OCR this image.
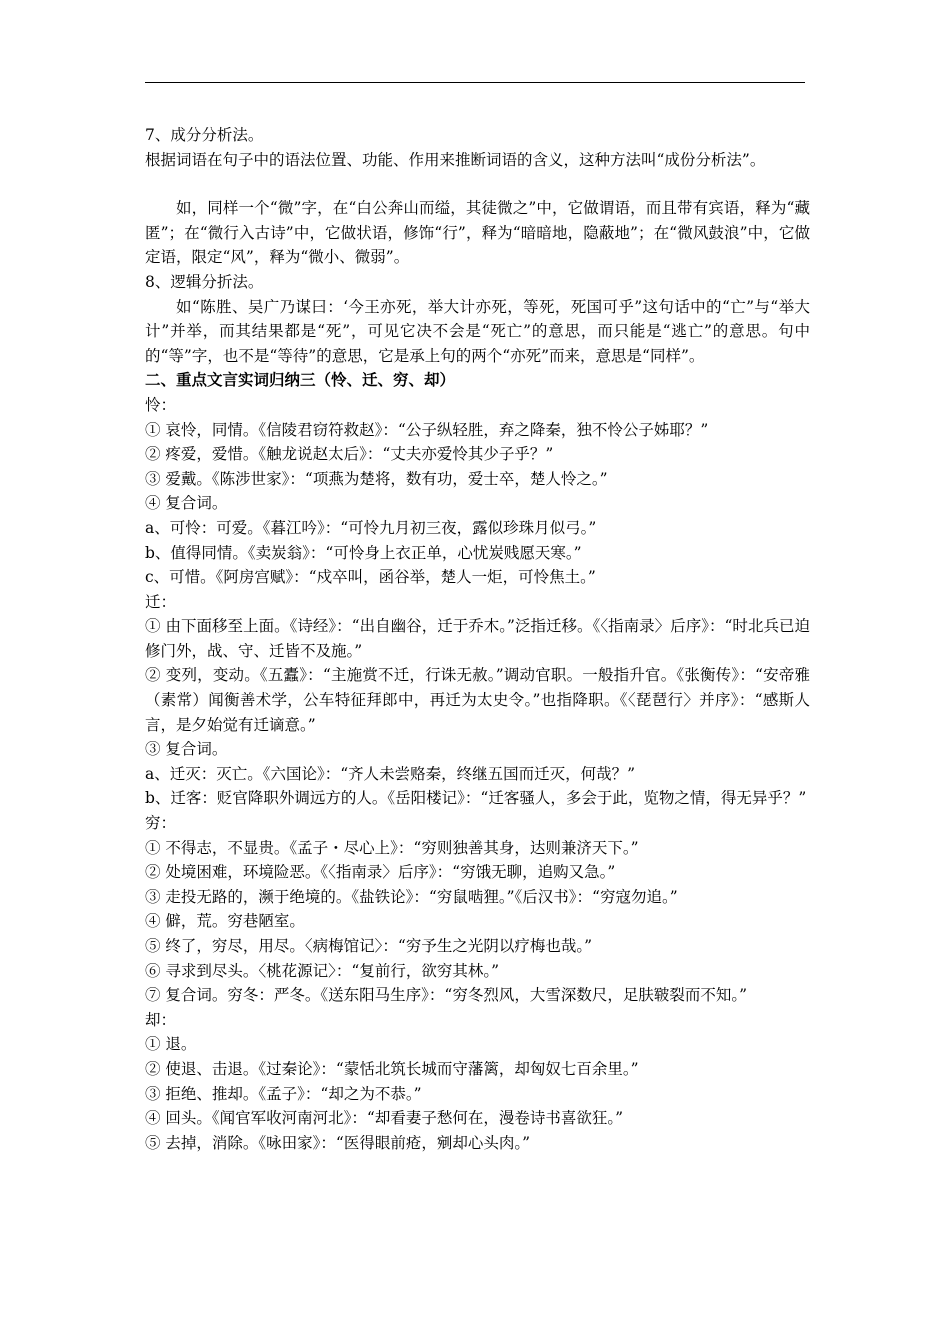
7、成分分析法。
根据词语在句子中的语法位置、功能、作用来推断词语的含义，这种方法叫“成份分析法”。
如，同样一个“微”字，在“白公奔山而缢，其徒微之”中，它做谓语，而且带有宾语，释为“藏匿”；在“微行入古诗”中，它做状语，修饰“行”，释为“暗暗地，隐蔽地”；在“微风鼓浪”中，它做定语，限定“风”，释为“微小、微弱”。
8、逻辑分折法。
如“陈胜、吴广乃谋曰：‘今王亦死，举大计亦死，等死，死国可乎”这句话中的“亡”与“举大计”并举，而其结果都是“死”，可见它决不会是“死亡”的意思，而只能是“逃亡”的意思。句中的“等”字，也不是“等待”的意思，它是承上句的两个“亦死”而来，意思是“同样”。
二、重点文言实词归纳三（怜、迁、穷、却）
怜：
① 哀怜，同情。《信陵君窃符救赵》：“公子纵轻胜，弃之降秦，独不怜公子姊耶？”
② 疼爱，爱惜。《触龙说赵太后》：“丈夫亦爱怜其少子乎？”
③ 爱戴。《陈涉世家》：“项燕为楚将，数有功，爱士卒，楚人怜之。”
④ 复合词。
a、可怜：可爱。《暮江吟》：“可怜九月初三夜，露似珍珠月似弓。”
b、值得同情。《卖炭翁》：“可怜身上衣正单，心忧炭贱愿天寒。”
c、可惜。《阿房宫赋》：“戍卒叫，函谷举，楚人一炬，可怜焦土。”
迁：
① 由下面移至上面。《诗经》：“出自幽谷，迁于乔木。”泛指迁移。《〈指南录〉后序》：“时北兵已迫修门外，战、守、迁皆不及施。”
② 变列，变动。《五蠹》：“主施赏不迁，行诛无赦。”调动官职。一般指升官。《张衡传》：“安帝雅（素常）闻衡善术学，公车特征拜郎中，再迁为太史令。”也指降职。《〈琵琶行〉并序》：“感斯人言，是夕始觉有迁谪意。”
③ 复合词。
a、迁灭：灭亡。《六国论》：“齐人未尝赂秦，终继五国而迁灭，何哉？”
b、迁客：贬官降职外调远方的人。《岳阳楼记》：“迁客骚人，多会于此，览物之情，得无异乎？”
穷：
① 不得志，不显贵。《孟子・尽心上》：“穷则独善其身，达则兼济天下。”
② 处境困难，环境险恶。《〈指南录〉后序》：“穷饿无聊，追购又急。”
③ 走投无路的，濒于绝境的。《盐铁论》：“穷鼠啮狸。”《后汉书》：“穷寇勿追。”
④ 僻，荒。穷巷陋室。
⑤ 终了，穷尽，用尽。〈病梅馆记〉：“穷予生之光阴以疗梅也哉。”
⑥ 寻求到尽头。〈桃花源记〉：“复前行，欲穷其林。”
⑦ 复合词。穷冬：严冬。《送东阳马生序》：“穷冬烈风，大雪深数尺，足肤皲裂而不知。”
却：
① 退。
② 使退、击退。《过秦论》：“蒙恬北筑长城而守藩篱，却匈奴七百余里。”
③ 拒绝、推却。《孟子》：“却之为不恭。”
④ 回头。《闻官军收河南河北》：“却看妻子愁何在，漫卷诗书喜欲狂。”
⑤ 去掉，消除。《咏田家》：“医得眼前疮，剜却心头肉。”
